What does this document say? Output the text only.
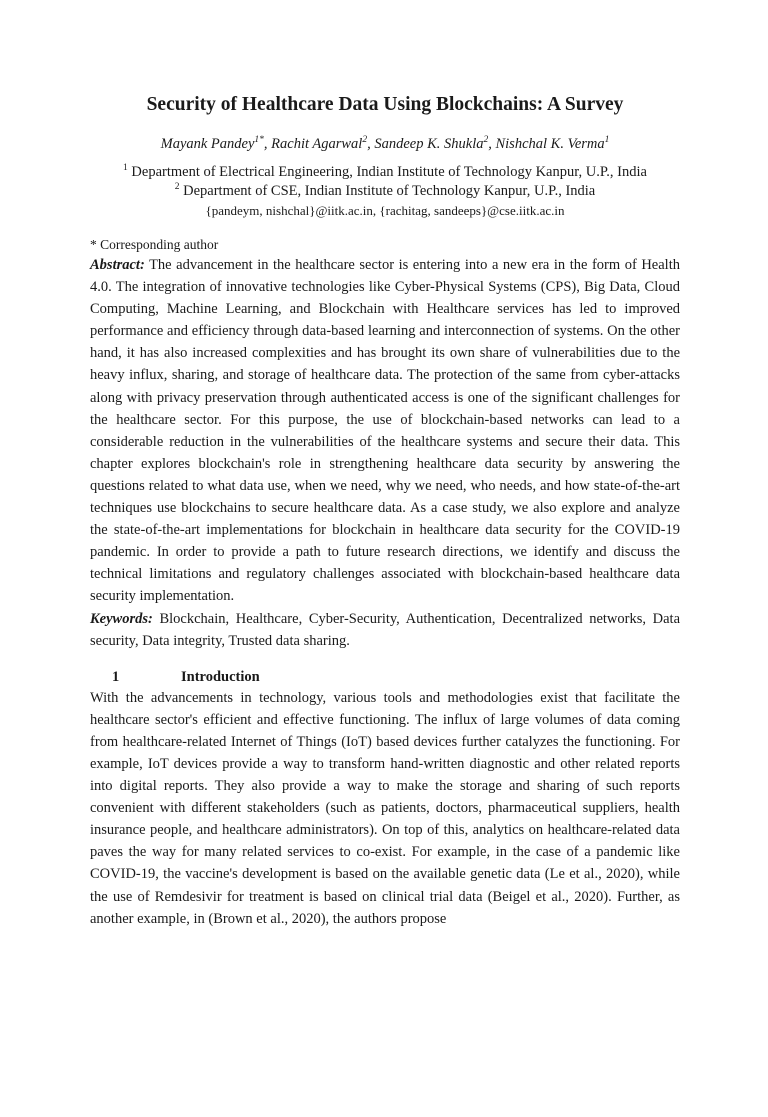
Security of Healthcare Data Using Blockchains: A Survey
Mayank Pandey$^{1*}$, Rachit Agarwal$^2$, Sandeep K. Shukla$^2$, Nishchal K. Verma$^1$
$^1$ Department of Electrical Engineering, Indian Institute of Technology Kanpur, U.P., India
$^2$ Department of CSE, Indian Institute of Technology Kanpur, U.P., India
{pandeym, nishchal}@iitk.ac.in, {rachitag, sandeeps}@cse.iitk.ac.in
* Corresponding author

Abstract: The advancement in the healthcare sector is entering into a new era in the form of Health 4.0. The integration of innovative technologies like Cyber-Physical Systems (CPS), Big Data, Cloud Computing, Machine Learning, and Blockchain with Healthcare services has led to improved performance and efficiency through data-based learning and interconnection of systems. On the other hand, it has also increased complexities and has brought its own share of vulnerabilities due to the heavy influx, sharing, and storage of healthcare data. The protection of the same from cyber-attacks along with privacy preservation through authenticated access is one of the significant challenges for the healthcare sector. For this purpose, the use of blockchain-based networks can lead to a considerable reduction in the vulnerabilities of the healthcare systems and secure their data. This chapter explores blockchain's role in strengthening healthcare data security by answering the questions related to what data use, when we need, why we need, who needs, and how state-of-the-art techniques use blockchains to secure healthcare data. As a case study, we also explore and analyze the state-of-the-art implementations for blockchain in healthcare data security for the COVID-19 pandemic. In order to provide a path to future research directions, we identify and discuss the technical limitations and regulatory challenges associated with blockchain-based healthcare data security implementation.

Keywords: Blockchain, Healthcare, Cyber-Security, Authentication, Decentralized networks, Data security, Data integrity, Trusted data sharing.

1	Introduction

With the advancements in technology, various tools and methodologies exist that facilitate the healthcare sector's efficient and effective functioning. The influx of large volumes of data coming from healthcare-related Internet of Things (IoT) based devices further catalyzes the functioning. For example, IoT devices provide a way to transform hand-written diagnostic and other related reports into digital reports. They also provide a way to make the storage and sharing of such reports convenient with different stakeholders (such as patients, doctors, pharmaceutical suppliers, health insurance people, and healthcare administrators). On top of this, analytics on healthcare-related data paves the way for many related services to co-exist. For example, in the case of a pandemic like COVID-19, the vaccine's development is based on the available genetic data (Le et al., 2020), while the use of Remdesivir for treatment is based on clinical trial data (Beigel et al., 2020). Further, as another example, in (Brown et al., 2020), the authors propose
